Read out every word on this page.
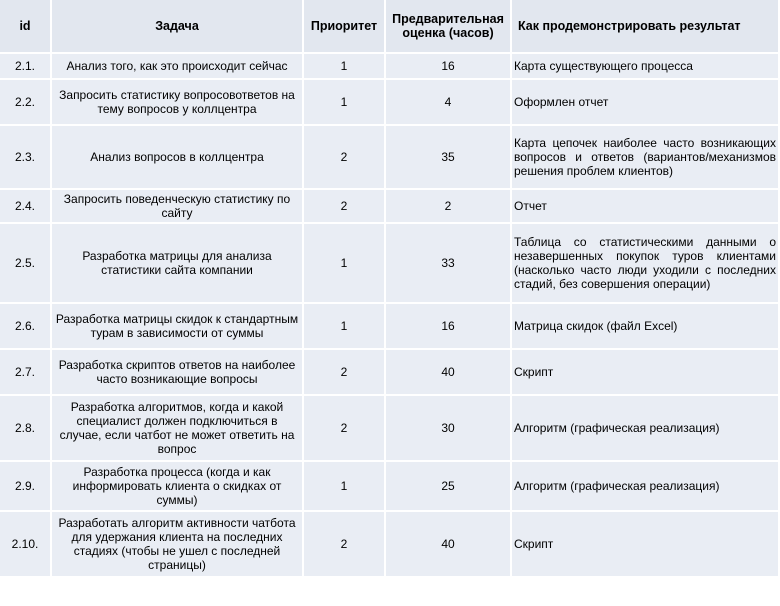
id	Задача	Приоритет	Предварительная оценка (часов)	Как продемонстрировать результат
2.1.	Анализ того, как это происходит сейчас	1	16	Карта существующего процесса
2.2.	Запросить статистику вопросовответов на тему вопросов у коллцентра	1	4	Оформлен отчет
2.3.	Анализ вопросов в коллцентра	2	35	Карта цепочек наиболее часто возникающих вопросов и ответов (вариантов/механизмов решения проблем клиентов)
2.4.	Запросить поведенческую статистику по сайту	2	2	Отчет
2.5.	Разработка матрицы для анализа статистики сайта компании	1	33	Таблица со статистическими данными о незавершенных покупок туров клиентами (насколько часто люди уходили с последних стадий, без совершения операции)
2.6.	Разработка матрицы скидок к стандартным турам в зависимости от суммы	1	16	Матрица скидок (файл Excel)
2.7.	Разработка скриптов ответов на наиболее часто возникающие вопросы	2	40	Скрипт
2.8.	Разработка алгоритмов, когда и какой специалист должен подключиться в случае, если чатбот не может ответить на вопрос	2	30	Алгоритм (графическая реализация)
2.9.	Разработка процесса (когда и как информировать клиента о скидках от суммы)	1	25	Алгоритм (графическая реализация)
2.10.	Разработать алгоритм активности чатбота для удержания клиента на последних стадиях (чтобы не ушел с последней страницы)	2	40	Скрипт
